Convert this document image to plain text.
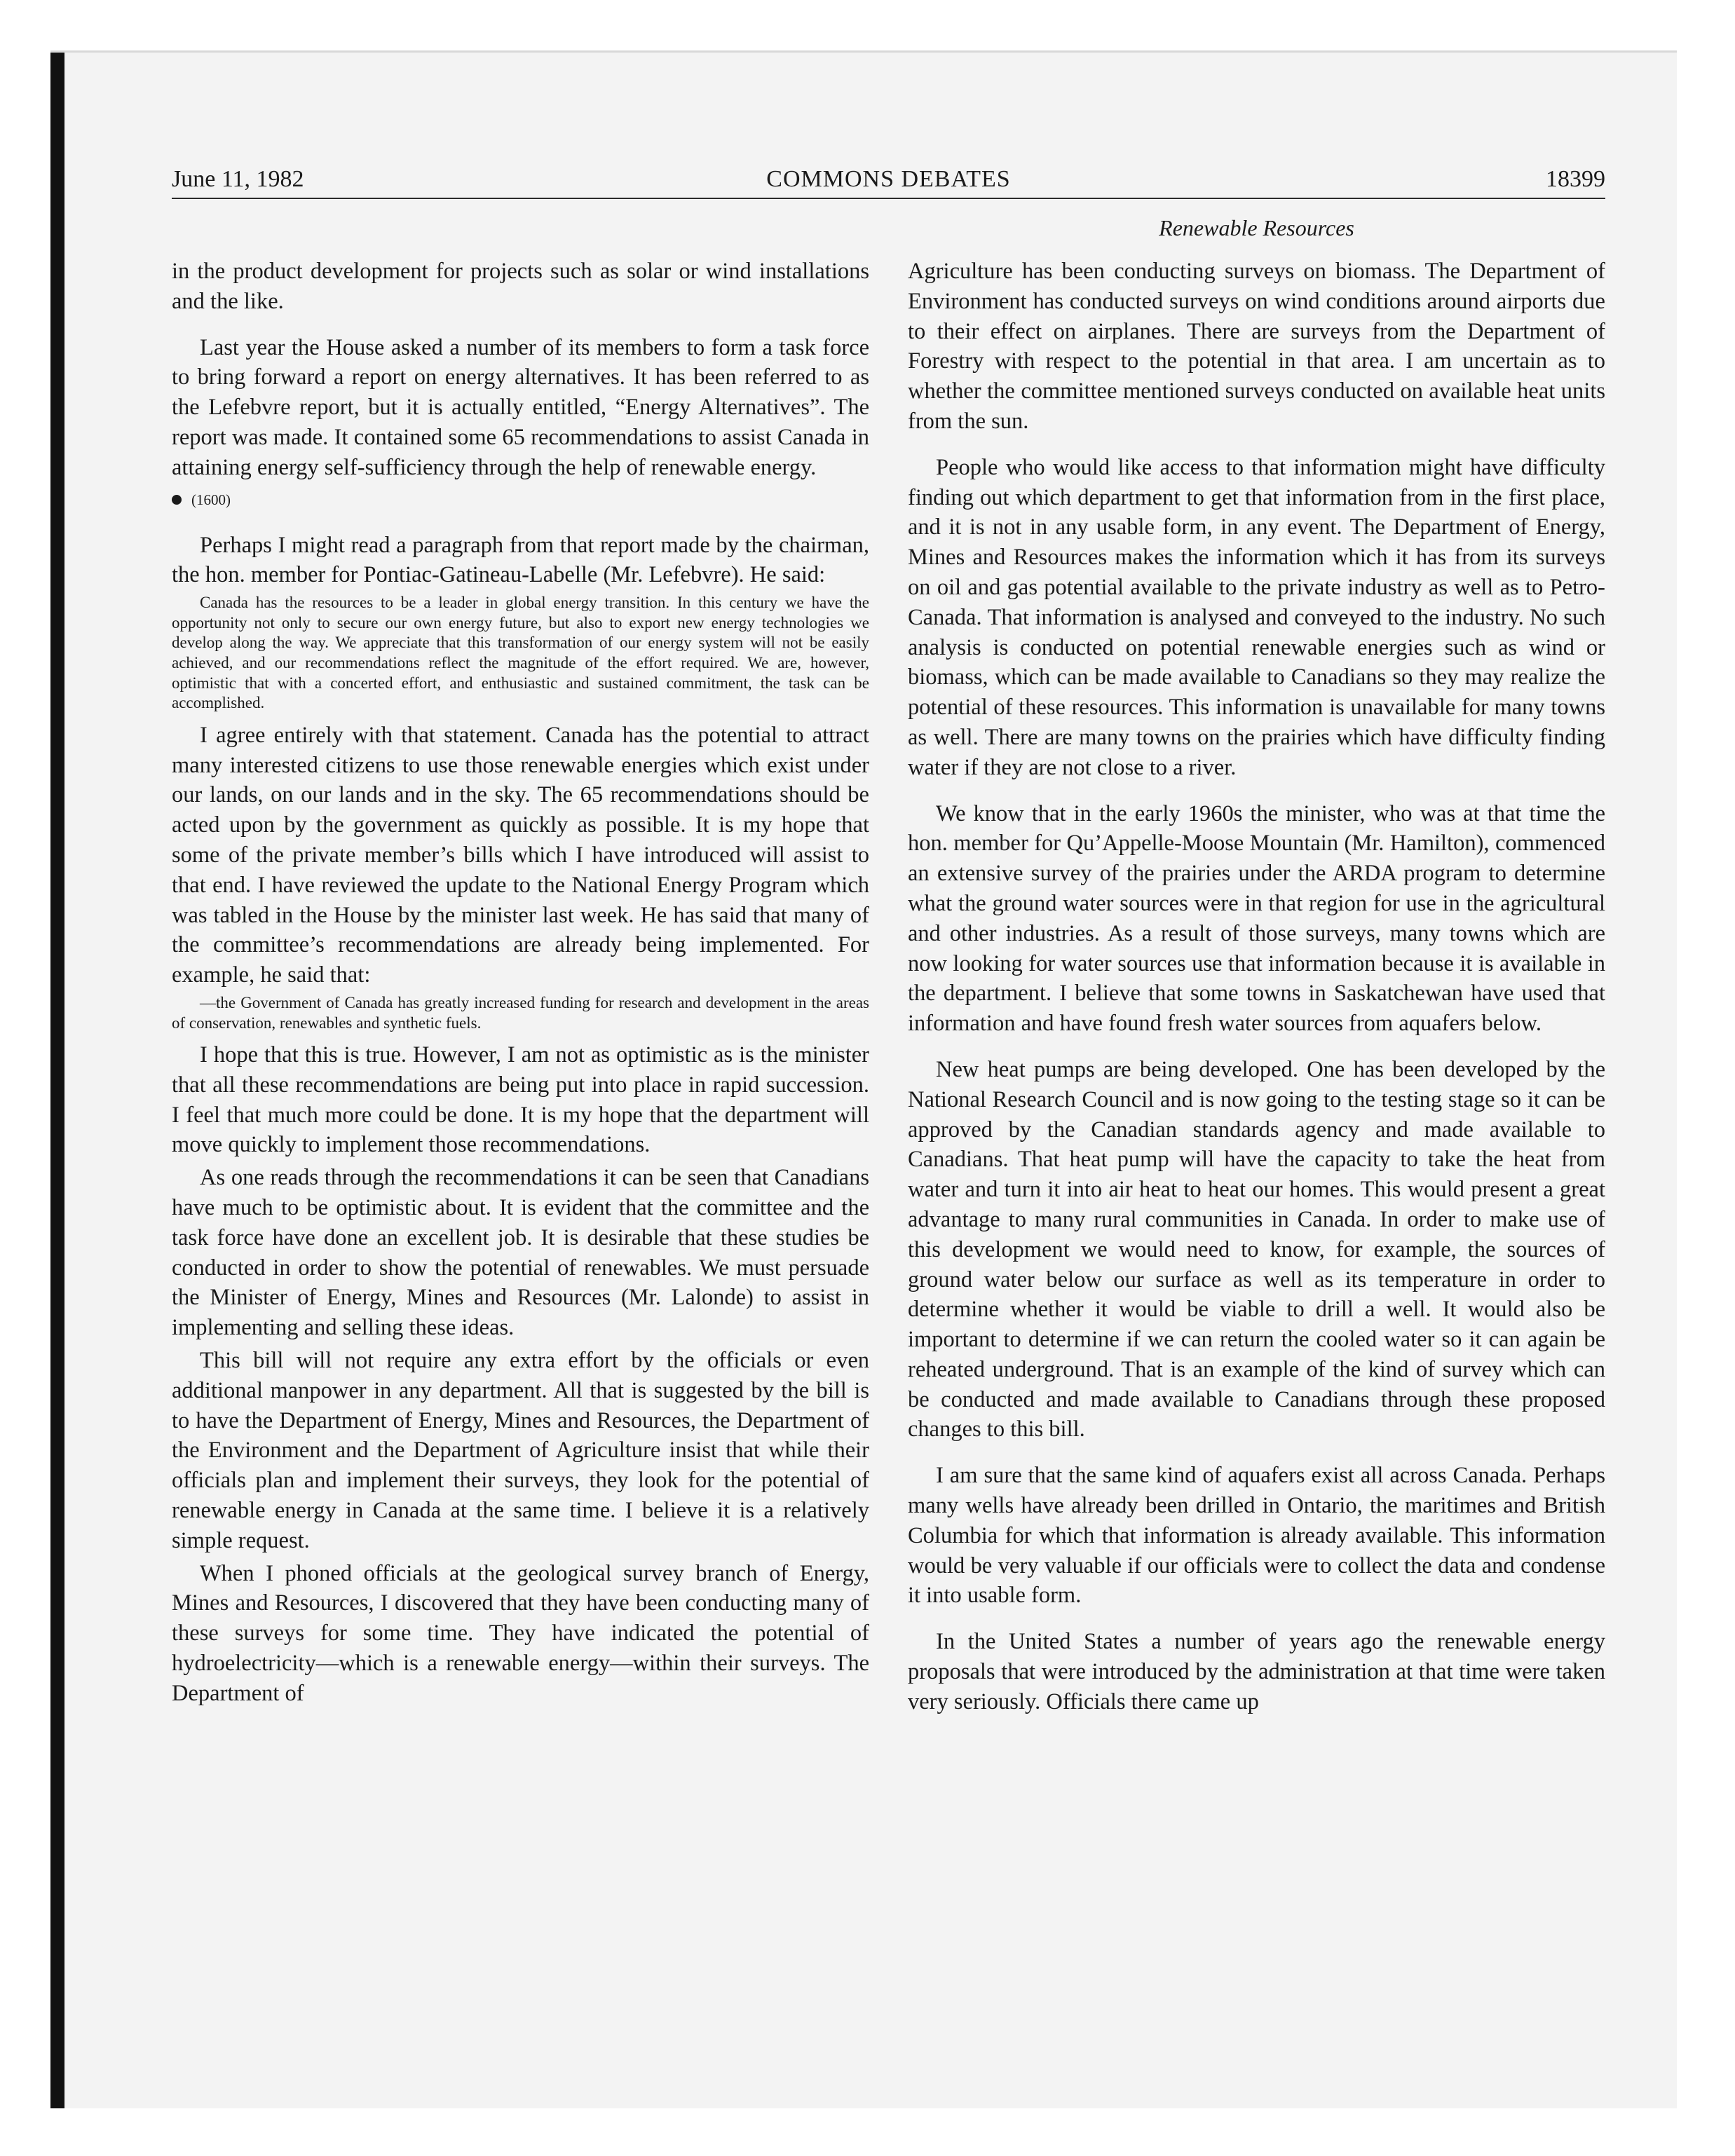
June 11, 1982	COMMONS DEBATES	18399
Renewable Resources

in the product development for projects such as solar or wind installations and the like.

Last year the House asked a number of its members to form a task force to bring forward a report on energy alternatives. It has been referred to as the Lefebvre report, but it is actually entitled, “Energy Alternatives”. The report was made. It contained some 65 recommendations to assist Canada in attaining energy self-sufficiency through the help of renewable energy.

(1600)

Perhaps I might read a paragraph from that report made by the chairman, the hon. member for Pontiac-Gatineau-Labelle (Mr. Lefebvre). He said:

Canada has the resources to be a leader in global energy transition. In this century we have the opportunity not only to secure our own energy future, but also to export new energy technologies we develop along the way. We appreciate that this transformation of our energy system will not be easily achieved, and our recommendations reflect the magnitude of the effort required. We are, however, optimistic that with a concerted effort, and enthusiastic and sustained commitment, the task can be accomplished.

I agree entirely with that statement. Canada has the potential to attract many interested citizens to use those renewable energies which exist under our lands, on our lands and in the sky. The 65 recommendations should be acted upon by the government as quickly as possible. It is my hope that some of the private member’s bills which I have introduced will assist to that end. I have reviewed the update to the National Energy Program which was tabled in the House by the minister last week. He has said that many of the committee’s recommendations are already being implemented. For example, he said that:

—the Government of Canada has greatly increased funding for research and development in the areas of conservation, renewables and synthetic fuels.

I hope that this is true. However, I am not as optimistic as is the minister that all these recommendations are being put into place in rapid succession. I feel that much more could be done. It is my hope that the department will move quickly to implement those recommendations.

As one reads through the recommendations it can be seen that Canadians have much to be optimistic about. It is evident that the committee and the task force have done an excellent job. It is desirable that these studies be conducted in order to show the potential of renewables. We must persuade the Minister of Energy, Mines and Resources (Mr. Lalonde) to assist in implementing and selling these ideas.

This bill will not require any extra effort by the officials or even additional manpower in any department. All that is suggested by the bill is to have the Department of Energy, Mines and Resources, the Department of the Environment and the Department of Agriculture insist that while their officials plan and implement their surveys, they look for the potential of renewable energy in Canada at the same time. I believe it is a relatively simple request.

When I phoned officials at the geological survey branch of Energy, Mines and Resources, I discovered that they have been conducting many of these surveys for some time. They have indicated the potential of hydroelectricity—which is a renewable energy—within their surveys. The Department of

Agriculture has been conducting surveys on biomass. The Department of Environment has conducted surveys on wind conditions around airports due to their effect on airplanes. There are surveys from the Department of Forestry with respect to the potential in that area. I am uncertain as to whether the committee mentioned surveys conducted on available heat units from the sun.

People who would like access to that information might have difficulty finding out which department to get that information from in the first place, and it is not in any usable form, in any event. The Department of Energy, Mines and Resources makes the information which it has from its surveys on oil and gas potential available to the private industry as well as to Petro-Canada. That information is analysed and conveyed to the industry. No such analysis is conducted on potential renewable energies such as wind or biomass, which can be made available to Canadians so they may realize the potential of these resources. This information is unavailable for many towns as well. There are many towns on the prairies which have difficulty finding water if they are not close to a river.

We know that in the early 1960s the minister, who was at that time the hon. member for Qu’Appelle-Moose Mountain (Mr. Hamilton), commenced an extensive survey of the prairies under the ARDA program to determine what the ground water sources were in that region for use in the agricultural and other industries. As a result of those surveys, many towns which are now looking for water sources use that information because it is available in the department. I believe that some towns in Saskatchewan have used that information and have found fresh water sources from aquafers below.

New heat pumps are being developed. One has been developed by the National Research Council and is now going to the testing stage so it can be approved by the Canadian standards agency and made available to Canadians. That heat pump will have the capacity to take the heat from water and turn it into air heat to heat our homes. This would present a great advantage to many rural communities in Canada. In order to make use of this development we would need to know, for example, the sources of ground water below our surface as well as its temperature in order to determine whether it would be viable to drill a well. It would also be important to determine if we can return the cooled water so it can again be reheated underground. That is an example of the kind of survey which can be conducted and made available to Canadians through these proposed changes to this bill.

I am sure that the same kind of aquafers exist all across Canada. Perhaps many wells have already been drilled in Ontario, the maritimes and British Columbia for which that information is already available. This information would be very valuable if our officials were to collect the data and condense it into usable form.

In the United States a number of years ago the renewable energy proposals that were introduced by the administration at that time were taken very seriously. Officials there came up
